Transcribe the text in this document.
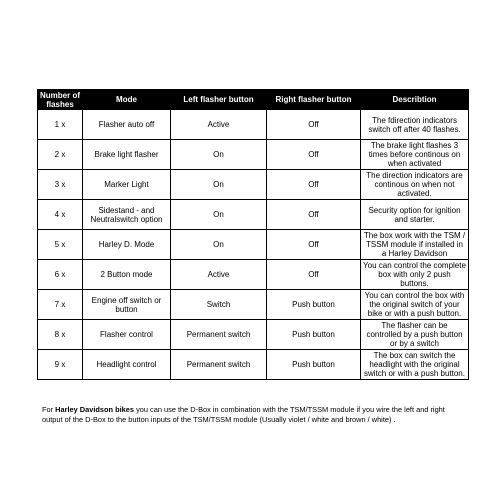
Number of flashes	Mode	Left flasher button	Right flasher button	Describtion
1 x	Flasher auto off	Active	Off	The fdirection indicators switch off after 40 flashes.
2 x	Brake light flasher	On	Off	The brake light flashes 3 times before continous on when activated
3 x	Marker Light	On	Off	The direction indicators are continous on when not activated.
4 x	Sidestand - and Neutralswitch option	On	Off	Security option for ignition and starter.
5 x	Harley D. Mode	On	Off	The box work with the TSM / TSSM module if installed in a Harley Davidson
6 x	2 Button mode	Active	Off	You can control the complete box with only 2 push buttons.
7 x	Engine off switch or button	Switch	Push button	You can control the box with the original switch of your bike or with a push button.
8 x	Flasher control	Permanent switch	Push button	The flasher can be controlled by a push button or by a switch
9 x	Headlight control	Permanent switch	Push button	The box can switch the headlight with the original switch or with a push button.

For Harley Davidson bikes you can use the D-Box in combination with the TSM/TSSM module if you wire the left and right output of the D-Box to the button inputs of the TSM/TSSM module (Usually violet / white and brown / white) .
